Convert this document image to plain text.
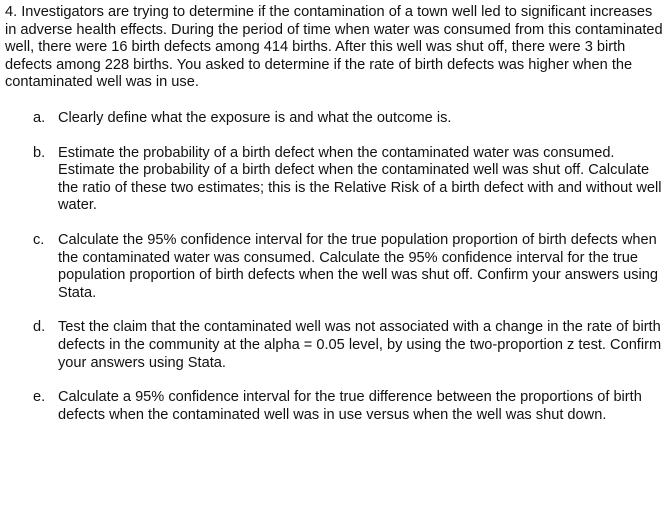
4. Investigators are trying to determine if the contamination of a town well led to significant increases in adverse health effects. During the period of time when water was consumed from this contaminated well, there were 16 birth defects among 414 births. After this well was shut off, there were 3 birth defects among 228 births. You asked to determine if the rate of birth defects was higher when the contaminated well was in use.

a. Clearly define what the exposure is and what the outcome is.
b. Estimate the probability of a birth defect when the contaminated water was consumed. Estimate the probability of a birth defect when the contaminated well was shut off. Calculate the ratio of these two estimates; this is the Relative Risk of a birth defect with and without well water.
c. Calculate the 95% confidence interval for the true population proportion of birth defects when the contaminated water was consumed. Calculate the 95% confidence interval for the true population proportion of birth defects when the well was shut off. Confirm your answers using Stata.
d. Test the claim that the contaminated well was not associated with a change in the rate of birth defects in the community at the alpha = 0.05 level, by using the two-proportion z test. Confirm your answers using Stata.
e. Calculate a 95% confidence interval for the true difference between the proportions of birth defects when the contaminated well was in use versus when the well was shut down.
